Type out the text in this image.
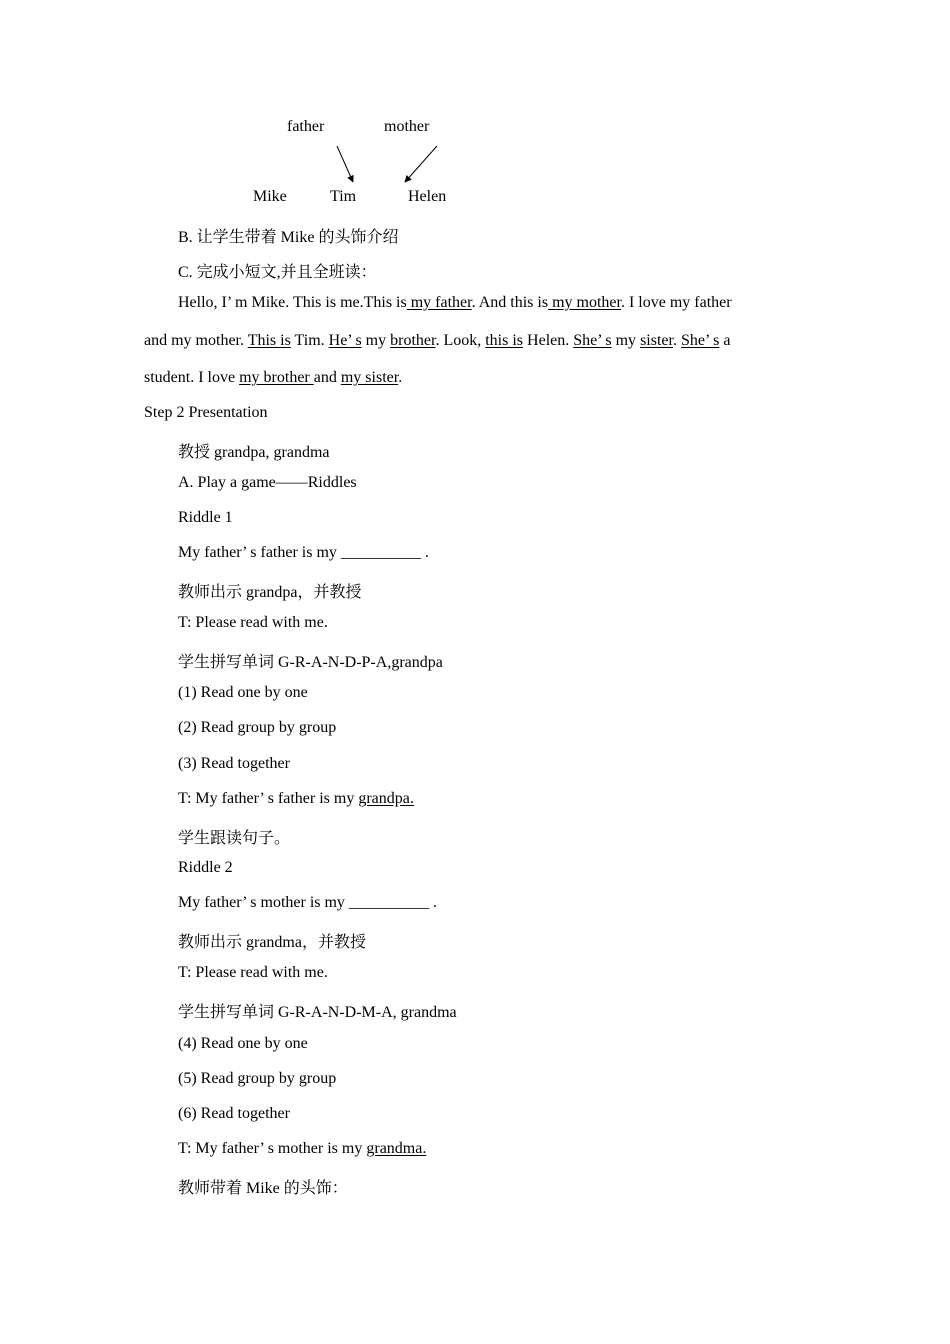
father	mother
Mike	Tim	Helen
B. 让学生带着 Mike 的头饰介绍
C. 完成小短文,并且全班读：
Hello, I’ m Mike. This is me.This is my father. And this is my mother. I love my father
and my mother. This is Tim. He’ s my brother. Look, this is Helen. She’ s my sister. She’ s a
student. I love my brother and my sister.
Step 2 Presentation
教授 grandpa, grandma
A. Play a game——Riddles
Riddle 1
My father’ s father is my __________ .
教师出示 grandpa，并教授
T: Please read with me.
学生拼写单词 G-R-A-N-D-P-A,grandpa
(1) Read one by one
(2) Read group by group
(3) Read together
T: My father’ s father is my grandpa.
学生跟读句子。
Riddle 2
My father’ s mother is my __________ .
教师出示 grandma，并教授
T: Please read with me.
学生拼写单词 G-R-A-N-D-M-A, grandma
(4) Read one by one
(5) Read group by group
(6) Read together
T: My father’ s mother is my grandma.
教师带着 Mike 的头饰：
